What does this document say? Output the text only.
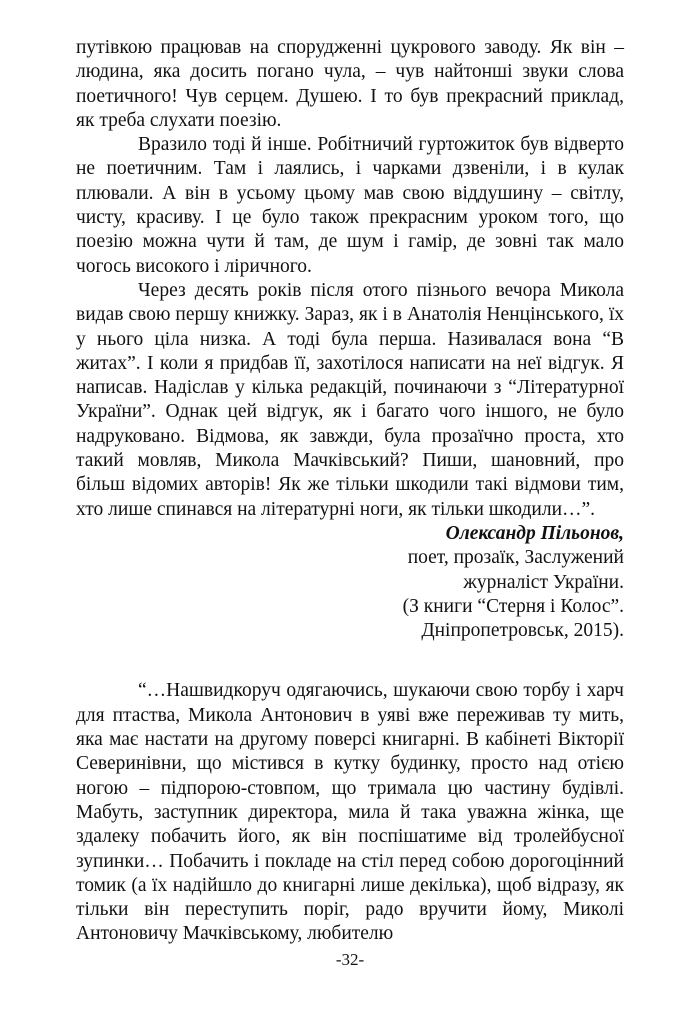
путівкою працював на спорудженні цукрового заводу. Як він – людина, яка досить погано чула, – чув найтонші звуки слова поетичного! Чув серцем. Душею. І то був прекрасний приклад, як треба слухати поезію.

Вразило тоді й інше. Робітничий гуртожиток був відверто не поетичним. Там і лаялись, і чарками дзвеніли, і в кулак плювали. А він в усьому цьому мав свою віддушину – світлу, чисту, красиву. І це було також прекрасним уроком того, що поезію можна чути й там, де шум і гамір, де зовні так мало чогось високого і ліричного.

Через десять років після отого пізнього вечора Микола видав свою першу книжку. Зараз, як і в Анатолія Ненцінського, їх у нього ціла низка. А тоді була перша. Називалася вона “В житах”. І коли я придбав її, захотілося написати на неї відгук. Я написав. Надіслав у кілька редакцій, починаючи з “Літературної України”. Однак цей відгук, як і багато чого іншого, не було надруковано. Відмова, як завжди, була прозаїчно проста, хто такий мовляв, Микола Мачківський? Пиши, шановний, про більш відомих авторів! Як же тільки шкодили такі відмови тим, хто лише спинався на літературні ноги, як тільки шкодили…”.

Олександр Пільонов,
поет, прозаїк, Заслужений
журналіст України.
(З книги “Стерня і Колос”.
Дніпропетровськ, 2015).

“…Нашвидкоруч одягаючись, шукаючи свою торбу і харч для птаства, Микола Антонович в уяві вже переживав ту мить, яка має настати на другому поверсі книгарні. В кабінеті Вікторії Северинівни, що містився в кутку будинку, просто над отією ногою – підпорою-стовпом, що тримала цю частину будівлі. Мабуть, заступник директора, мила й така уважна жінка, ще здалеку побачить його, як він поспішатиме від тролейбусної зупинки… Побачить і покладе на стіл перед собою дорогоцінний томик (а їх надійшло до книгарні лише декілька), щоб відразу, як тільки він переступить поріг, радо вручити йому, Миколі Антоновичу Мачківському, любителю

-32-
